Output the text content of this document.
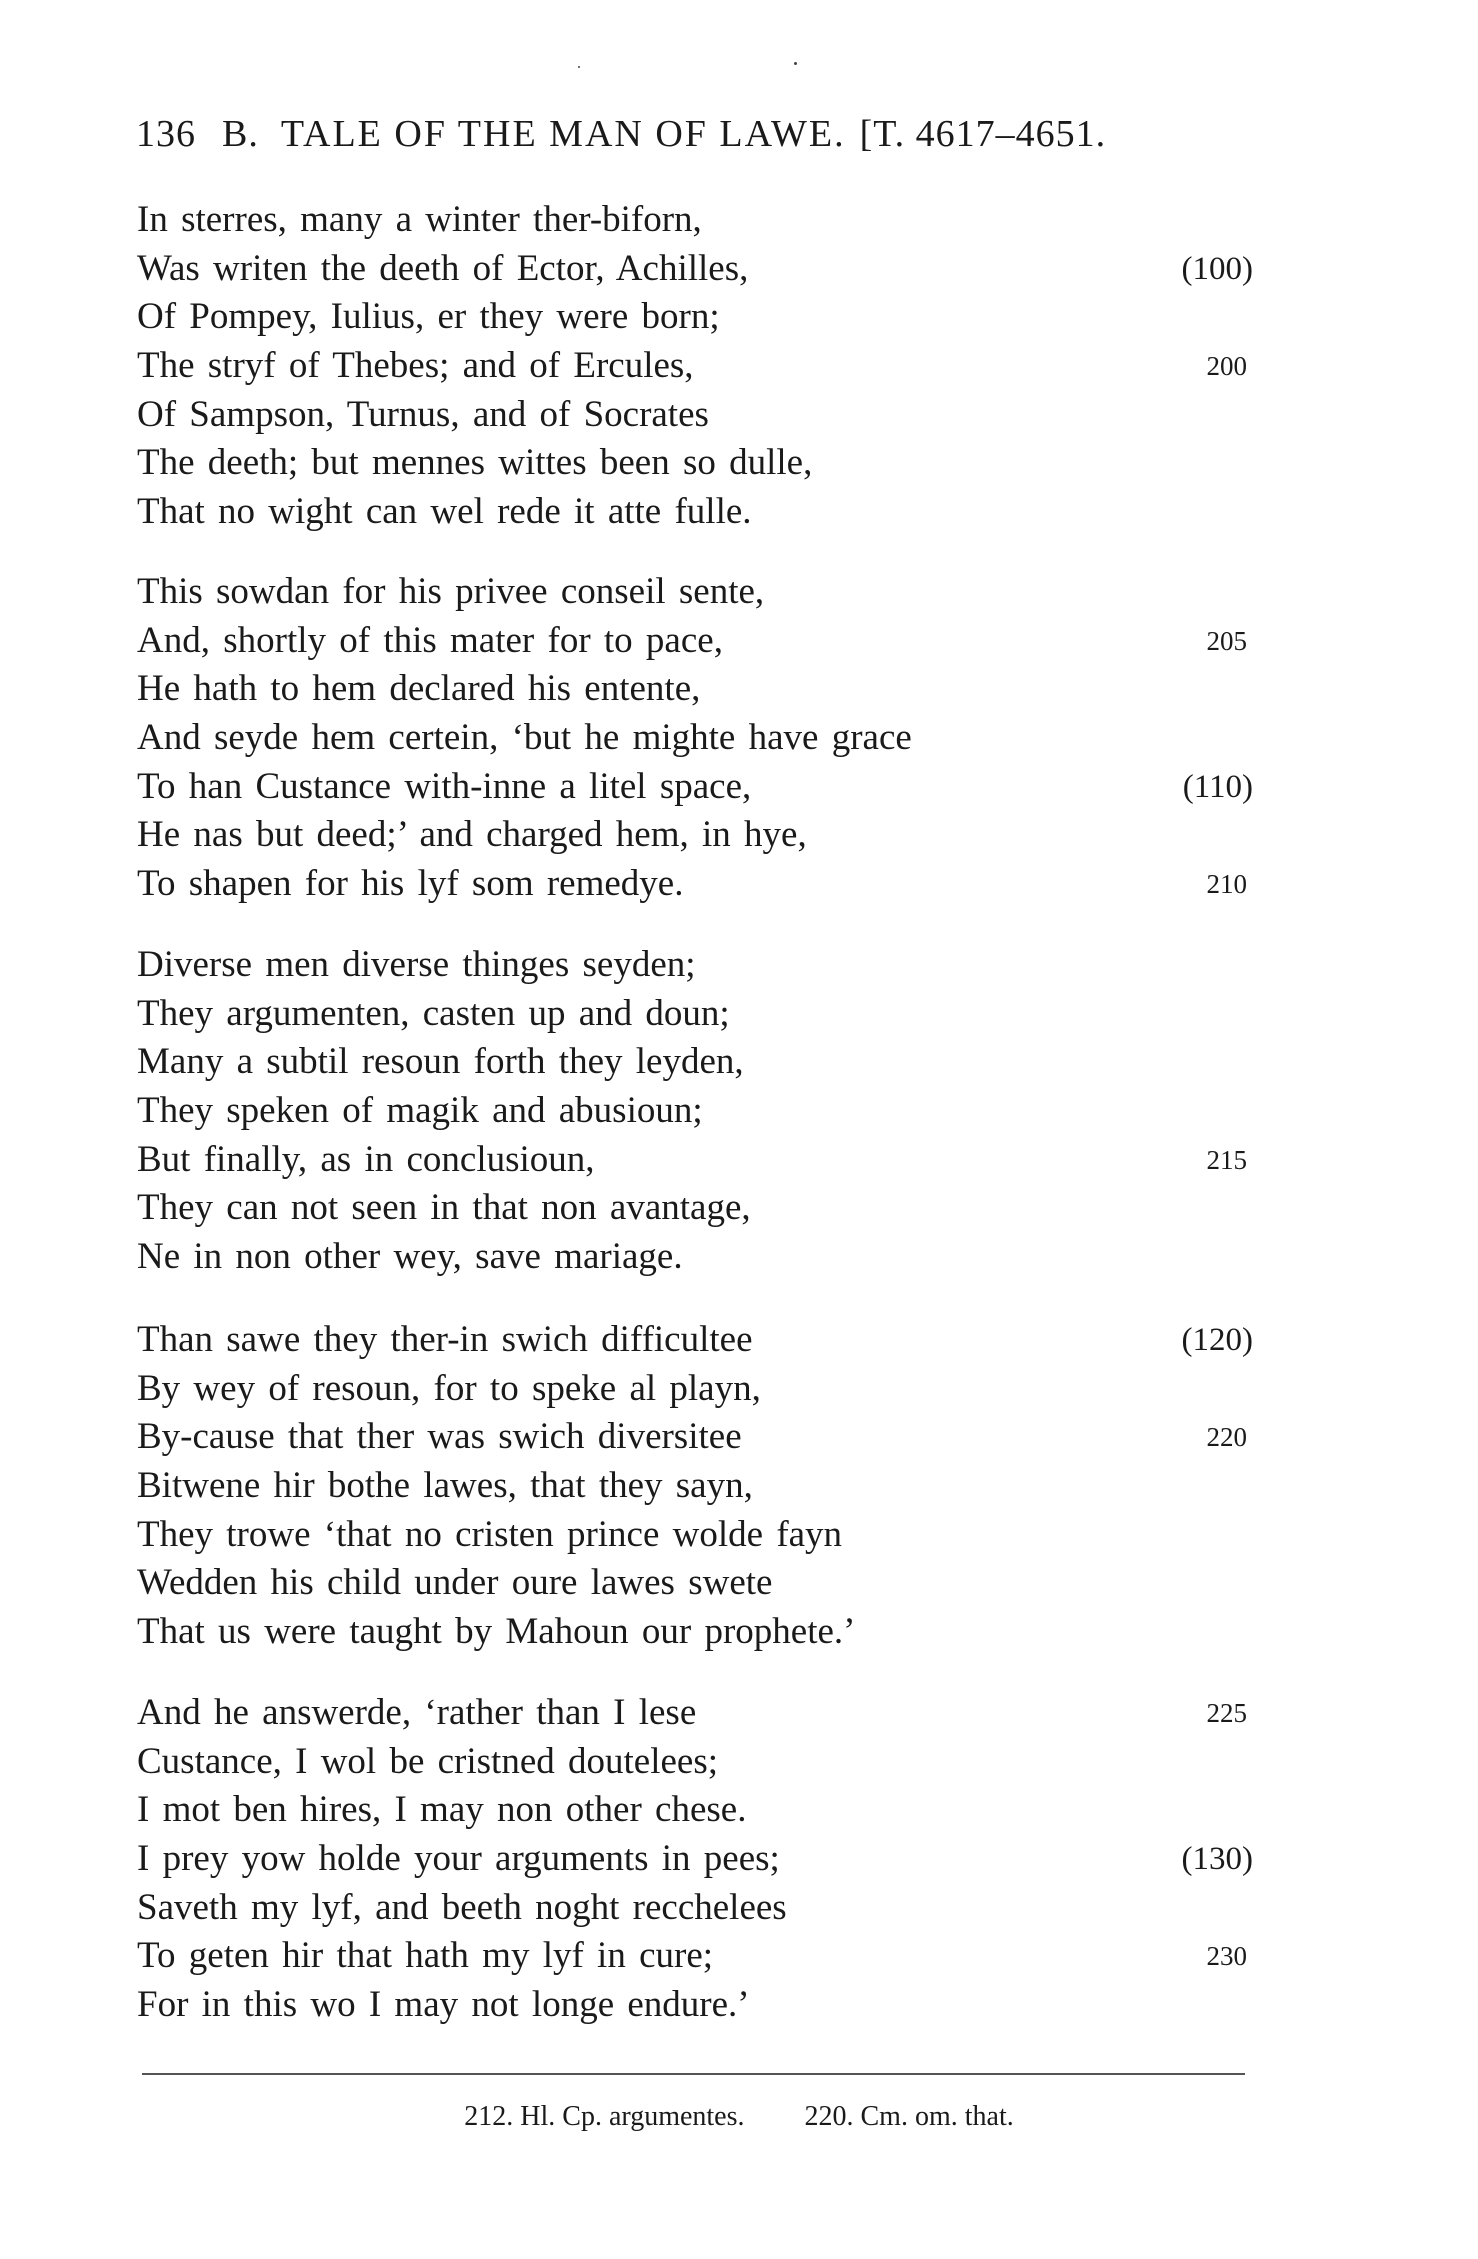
136 B. TALE OF THE MAN OF LAWE. [T. 4617–4651.
In sterres, many a winter ther-biforn,
Was writen the deeth of Ector, Achilles,	(100)
Of Pompey, Iulius, er they were born;
The stryf of Thebes; and of Ercules,	200
Of Sampson, Turnus, and of Socrates
The deeth; but mennes wittes been so dulle,
That no wight can wel rede it atte fulle.
This sowdan for his privee conseil sente,
And, shortly of this mater for to pace,	205
He hath to hem declared his entente,
And seyde hem certein, ‘but he mighte have grace
To han Custance with-inne a litel space,	(110)
He nas but deed;’ and charged hem, in hye,
To shapen for his lyf som remedye.	210
Diverse men diverse thinges seyden;
They argumenten, casten up and doun;
Many a subtil resoun forth they leyden,
They speken of magik and abusioun;
But finally, as in conclusioun,	215
They can not seen in that non avantage,
Ne in non other wey, save mariage.
Than sawe they ther-in swich difficultee	(120)
By wey of resoun, for to speke al playn,
By-cause that ther was swich diversitee	220
Bitwene hir bothe lawes, that they sayn,
They trowe ‘that no cristen prince wolde fayn
Wedden his child under oure lawes swete
That us were taught by Mahoun our prophete.’
And he answerde, ‘rather than I lese	225
Custance, I wol be cristned doutelees;
I mot ben hires, I may non other chese.
I prey yow holde your arguments in pees;	(130)
Saveth my lyf, and beeth noght recchelees
To geten hir that hath my lyf in cure;	230
For in this wo I may not longe endure.’
212. Hl. Cp. argumentes. 220. Cm. om. that.
